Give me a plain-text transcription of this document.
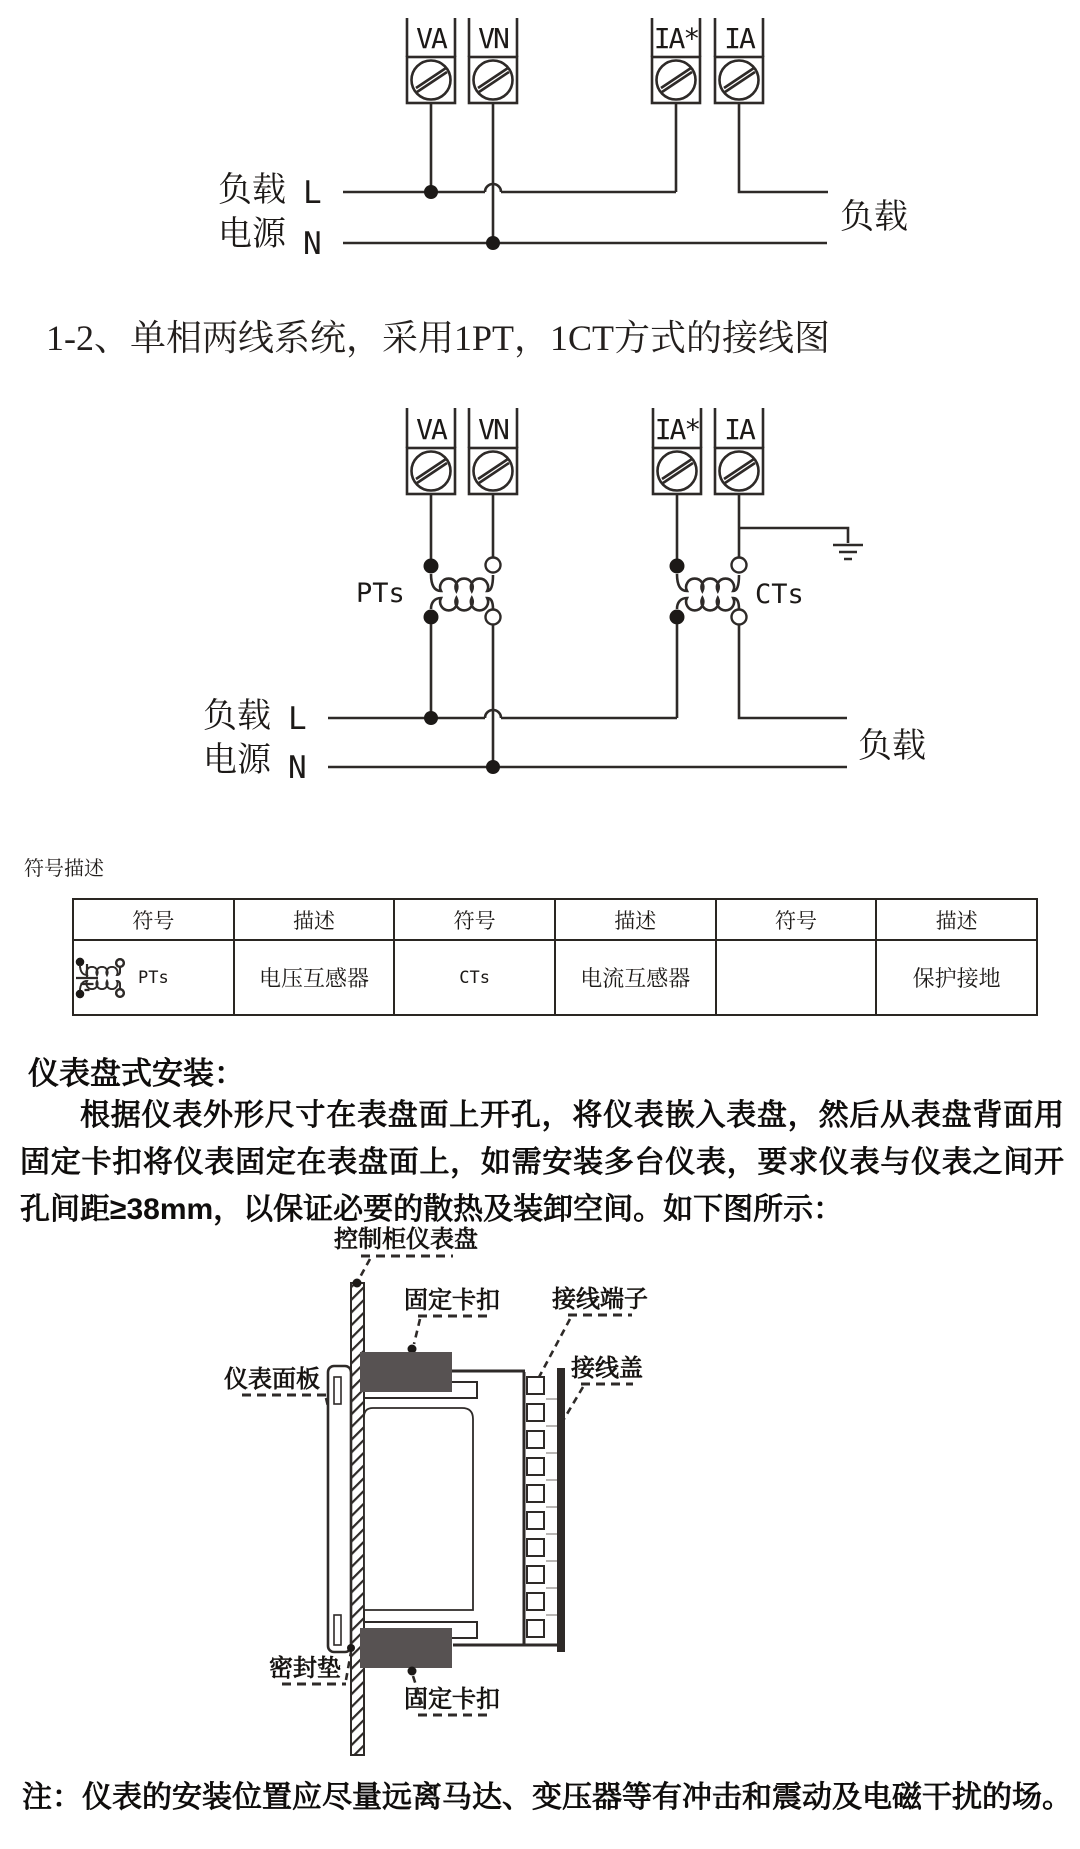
VA VN	IA* IA
负载 L
电源 N
负载
1-2、单相两线系统，采用1PT，1CT方式的接线图
VA VN	IA* IA
PTs	CTs
负载 L
电源 N
负载
符号描述
符号	描述	符号	描述	符号	描述

PTs	电压互感器	CTs	电流互感器		保护接地
仪表盘式安装：
根据仪表外形尺寸在表盘面上开孔，将仪表嵌入表盘，然后从表盘背面用固定卡扣将仪表固定在表盘面上，如需安装多台仪表，要求仪表与仪表之间开孔间距≥38mm，以保证必要的散热及装卸空间。如下图所示：
控制柜仪表盘
固定卡扣 接线端子
接线盖
仪表面板
密封垫
固定卡扣
注：仪表的安装位置应尽量远离马达、变压器等有冲击和震动及电磁干扰的场。
